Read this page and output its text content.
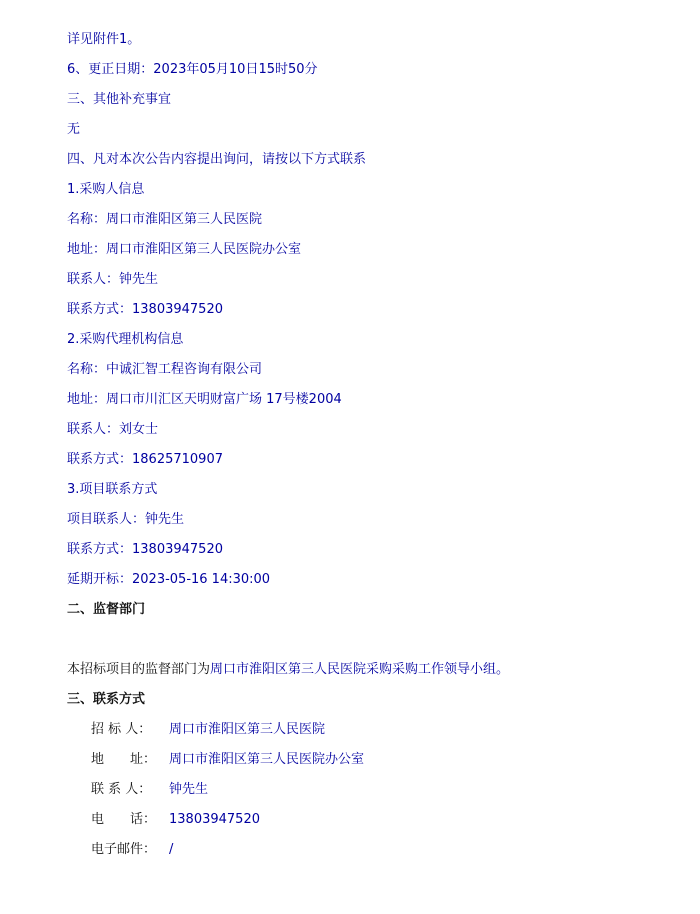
详见附件1。
6、更正日期：2023年05月10日15时50分
三、其他补充事宜
无
四、凡对本次公告内容提出询问，请按以下方式联系
1.采购人信息
名称：周口市淮阳区第三人民医院
地址：周口市淮阳区第三人民医院办公室
联系人：钟先生
联系方式：13803947520
2.采购代理机构信息
名称：中诚汇智工程咨询有限公司
地址：周口市川汇区天明财富广场 17号楼2004
联系人：刘女士
联系方式：18625710907
3.项目联系方式
项目联系人：钟先生
联系方式：13803947520
延期开标：2023-05-16 14:30:00
二、监督部门
本招标项目的监督部门为周口市淮阳区第三人民医院采购采购工作领导小组。
三、联系方式
招 标 人： 周口市淮阳区第三人民医院
地　　址： 周口市淮阳区第三人民医院办公室
联 系 人： 钟先生
电　　话： 13803947520
电子邮件： /
